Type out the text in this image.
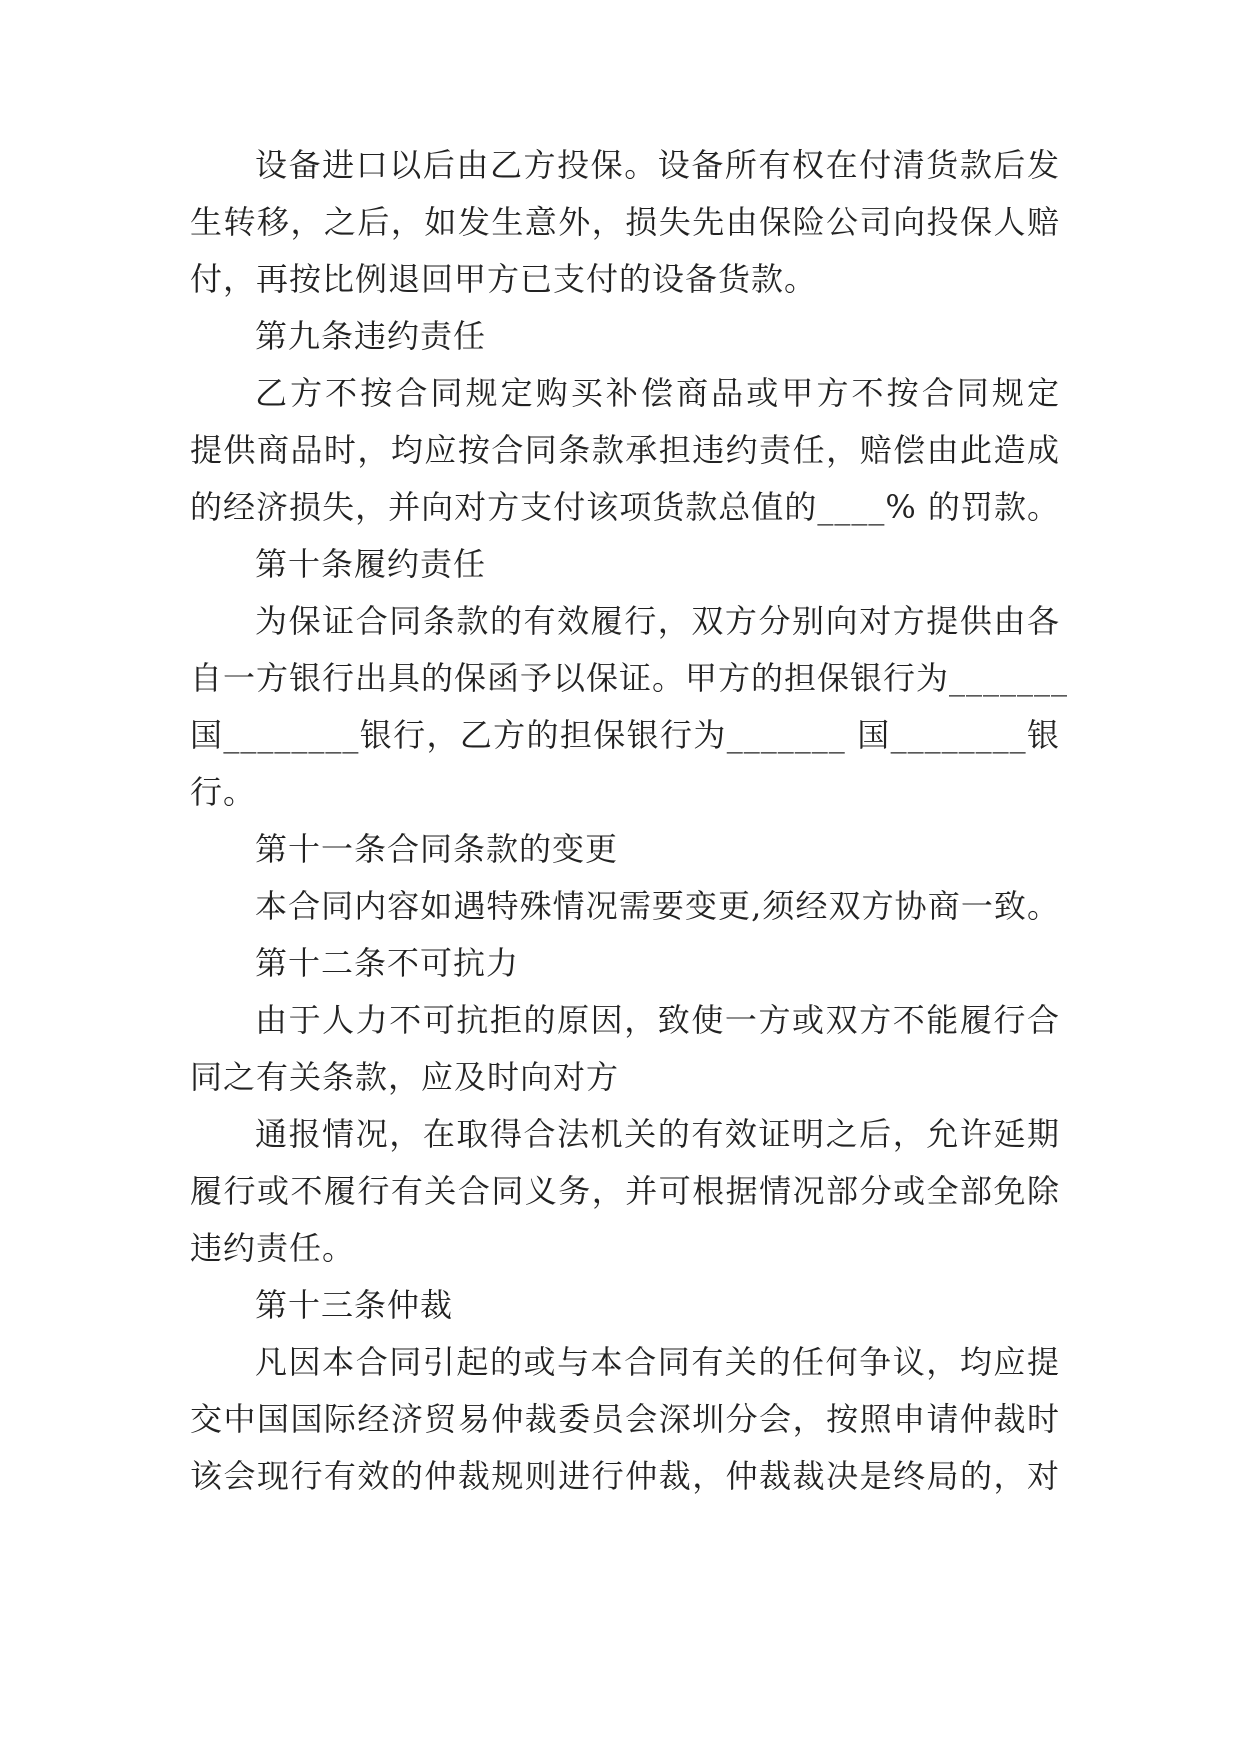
设备进口以后由乙方投保。设备所有权在付清货款后发
生转移，之后，如发生意外，损失先由保险公司向投保人赔
付，再按比例退回甲方已支付的设备货款。
第九条违约责任
乙方不按合同规定购买补偿商品或甲方不按合同规定
提供商品时，均应按合同条款承担违约责任，赔偿由此造成
的经济损失，并向对方支付该项货款总值的____% 的罚款。
第十条履约责任
为保证合同条款的有效履行，双方分别向对方提供由各
自一方银行出具的保函予以保证。甲方的担保银行为_______
国________银行，乙方的担保银行为_______ 国________银
行。
第十一条合同条款的变更
本合同内容如遇特殊情况需要变更,须经双方协商一致。
第十二条不可抗力
由于人力不可抗拒的原因，致使一方或双方不能履行合
同之有关条款，应及时向对方
通报情况，在取得合法机关的有效证明之后，允许延期
履行或不履行有关合同义务，并可根据情况部分或全部免除
违约责任。
第十三条仲裁
凡因本合同引起的或与本合同有关的任何争议，均应提
交中国国际经济贸易仲裁委员会深圳分会，按照申请仲裁时
该会现行有效的仲裁规则进行仲裁，仲裁裁决是终局的，对
